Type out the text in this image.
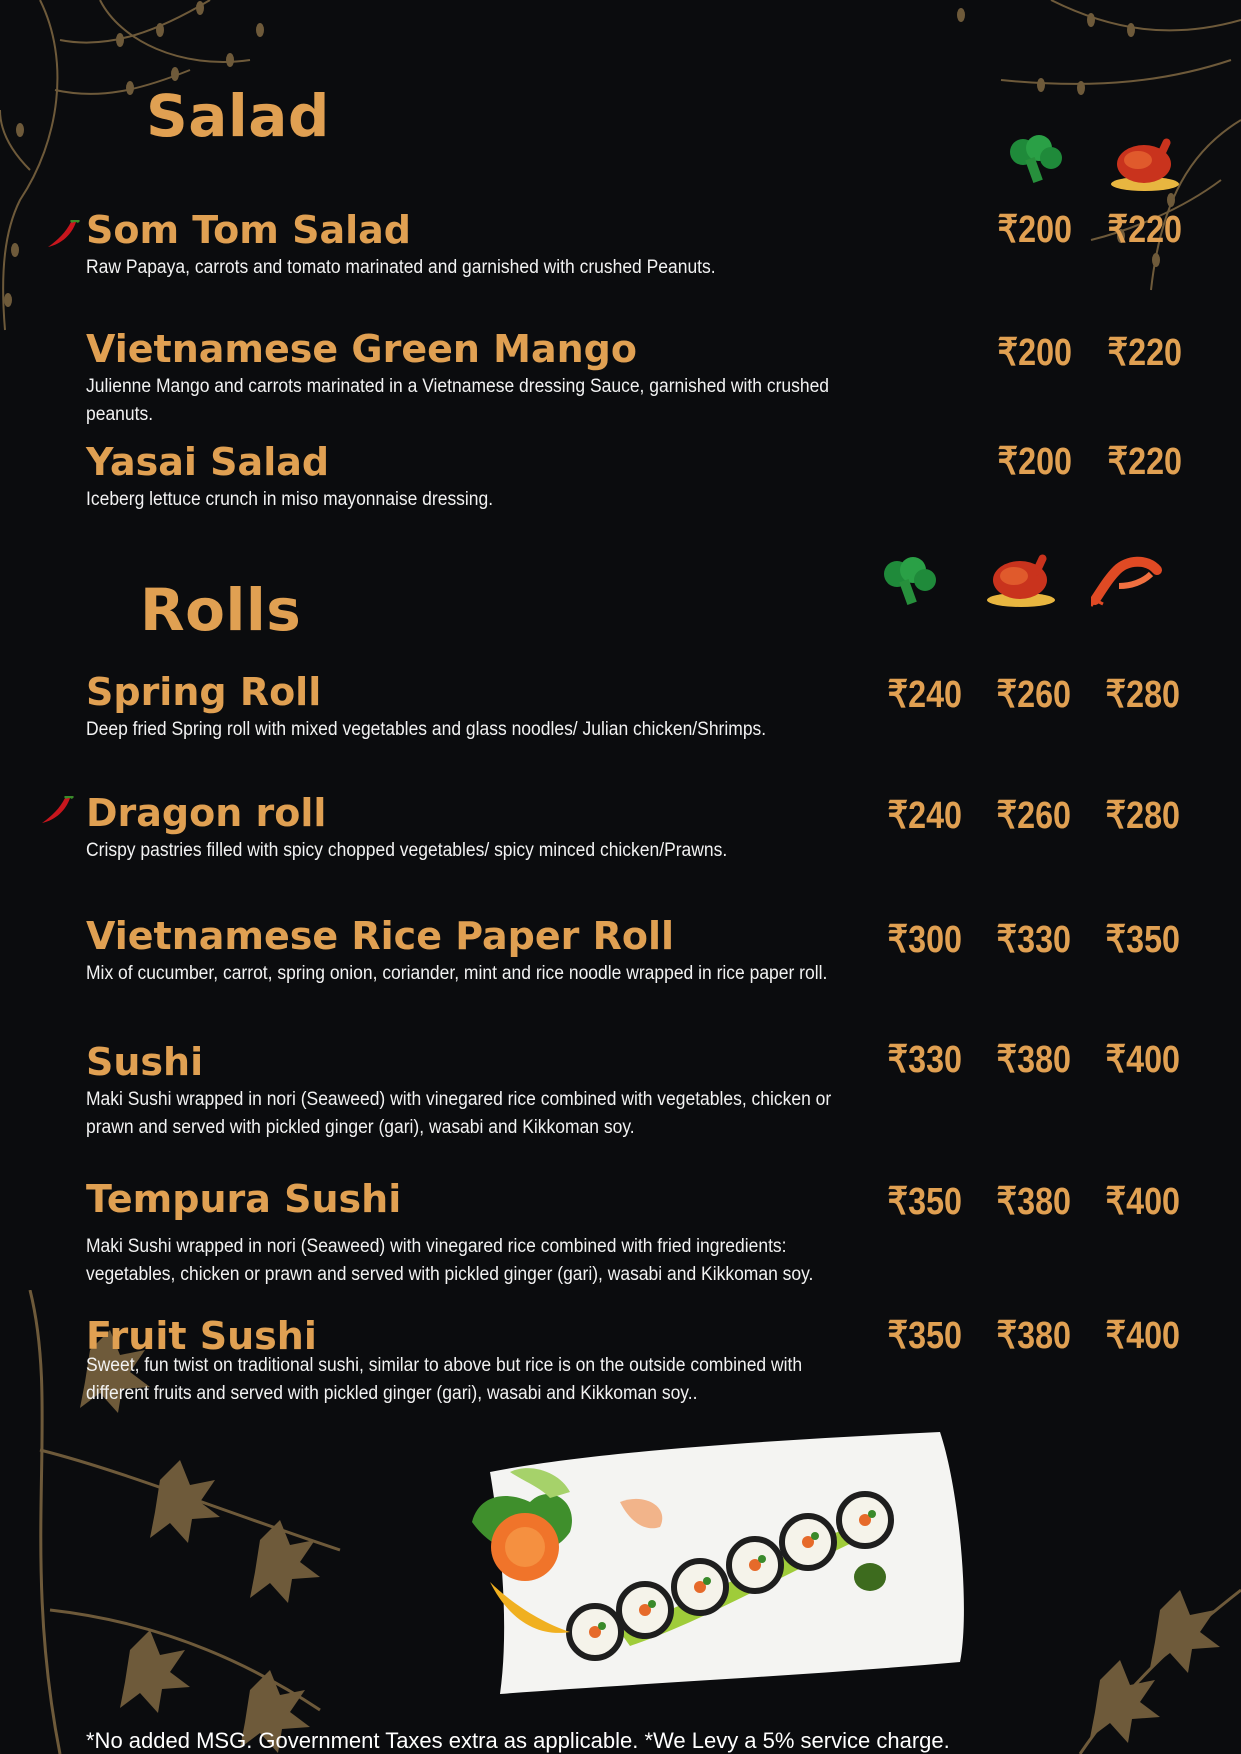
Salad
Som Tom Salad
Raw Papaya, carrots and tomato marinated and garnished with crushed Peanuts.
₹200 ₹220
Vietnamese Green Mango
Julienne Mango and carrots marinated in a Vietnamese dressing Sauce, garnished with crushed peanuts.
₹200 ₹220
Yasai Salad
Iceberg lettuce crunch in miso mayonnaise dressing.
₹200 ₹220
Rolls
Spring Roll
Deep fried Spring roll with mixed vegetables and glass noodles/ Julian chicken/Shrimps.
₹240 ₹260 ₹280
Dragon roll
Crispy pastries filled with spicy chopped vegetables/ spicy minced chicken/Prawns.
₹240 ₹260 ₹280
Vietnamese Rice Paper Roll
Mix of cucumber, carrot, spring onion, coriander, mint and rice noodle wrapped in rice paper roll.
₹300 ₹330 ₹350
Sushi
Maki Sushi wrapped in nori (Seaweed) with vinegared rice combined with vegetables, chicken or prawn and served with pickled ginger (gari), wasabi and Kikkoman soy.
₹330 ₹380 ₹400
Tempura Sushi
Maki Sushi wrapped in nori (Seaweed) with vinegared rice combined with fried ingredients: vegetables, chicken or prawn and served with pickled ginger (gari), wasabi and Kikkoman soy.
₹350 ₹380 ₹400
Fruit Sushi
Sweet, fun twist on traditional sushi, similar to above but rice is on the outside combined with different fruits and served with pickled ginger (gari), wasabi and Kikkoman soy..
₹350 ₹380 ₹400
*No added MSG. Government Taxes extra as applicable. *We Levy a 5% service charge.
